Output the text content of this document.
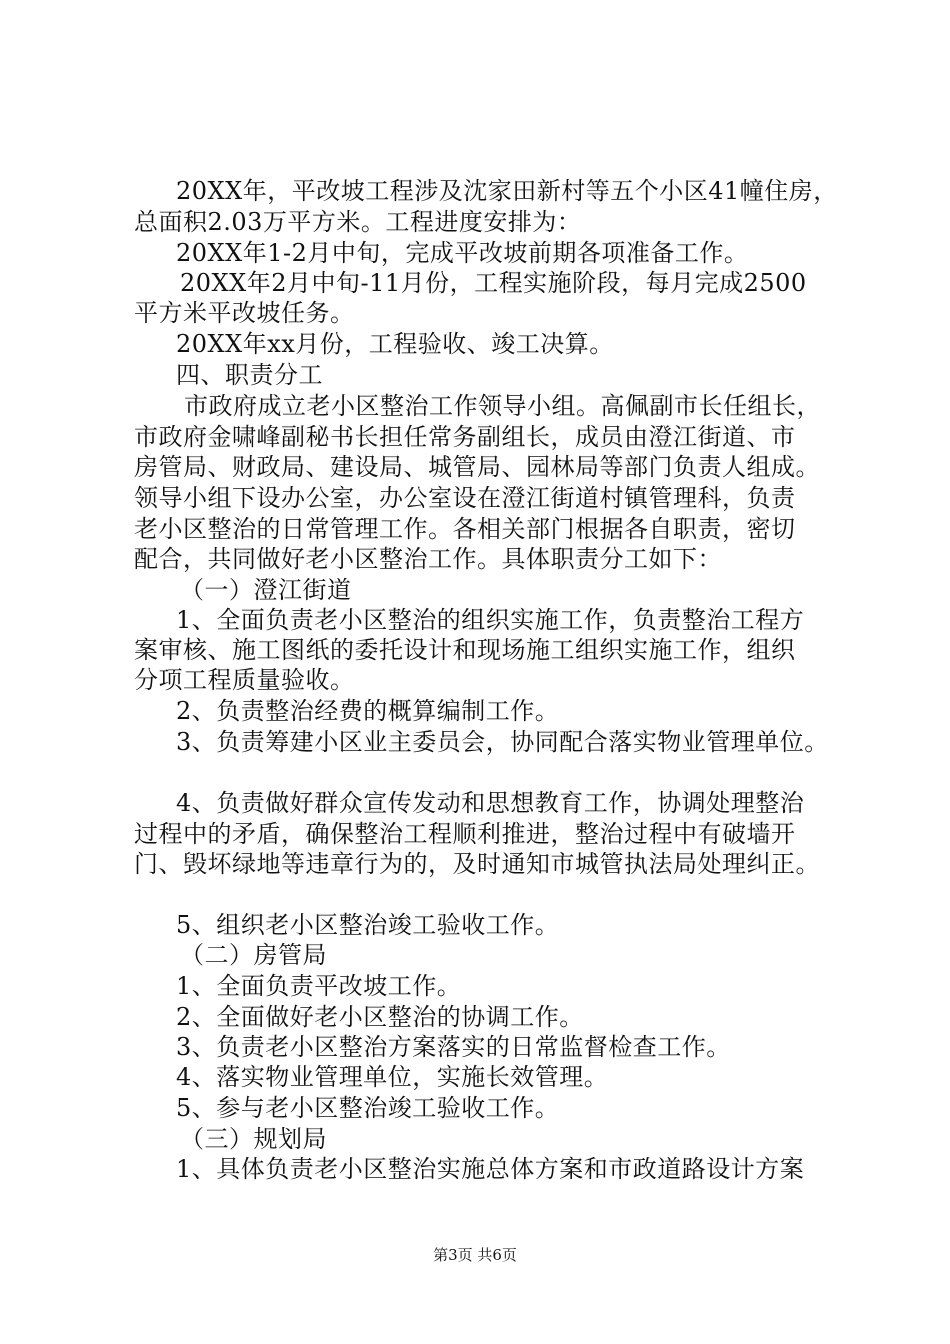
20XX年，平改坡工程涉及沈家田新村等五个小区41幢住房，
总面积2.03万平方米。工程进度安排为：
20XX年1-2月中旬，完成平改坡前期各项准备工作。
20XX年2月中旬-11月份，工程实施阶段，每月完成2500
平方米平改坡任务。
20XX年xx月份，工程验收、竣工决算。
四、职责分工
市政府成立老小区整治工作领导小组。高佩副市长任组长，
市政府金啸峰副秘书长担任常务副组长，成员由澄江街道、市
房管局、财政局、建设局、城管局、园林局等部门负责人组成。
领导小组下设办公室，办公室设在澄江街道村镇管理科，负责
老小区整治的日常管理工作。各相关部门根据各自职责，密切
配合，共同做好老小区整治工作。具体职责分工如下：
（一）澄江街道
1、全面负责老小区整治的组织实施工作，负责整治工程方
案审核、施工图纸的委托设计和现场施工组织实施工作，组织
分项工程质量验收。
2、负责整治经费的概算编制工作。
3、负责筹建小区业主委员会，协同配合落实物业管理单位。
4、负责做好群众宣传发动和思想教育工作，协调处理整治
过程中的矛盾，确保整治工程顺利推进，整治过程中有破墙开
门、毁坏绿地等违章行为的，及时通知市城管执法局处理纠正。
5、组织老小区整治竣工验收工作。
（二）房管局
1、全面负责平改坡工作。
2、全面做好老小区整治的协调工作。
3、负责老小区整治方案落实的日常监督检查工作。
4、落实物业管理单位，实施长效管理。
5、参与老小区整治竣工验收工作。
（三）规划局
1、具体负责老小区整治实施总体方案和市政道路设计方案
第3页 共6页
